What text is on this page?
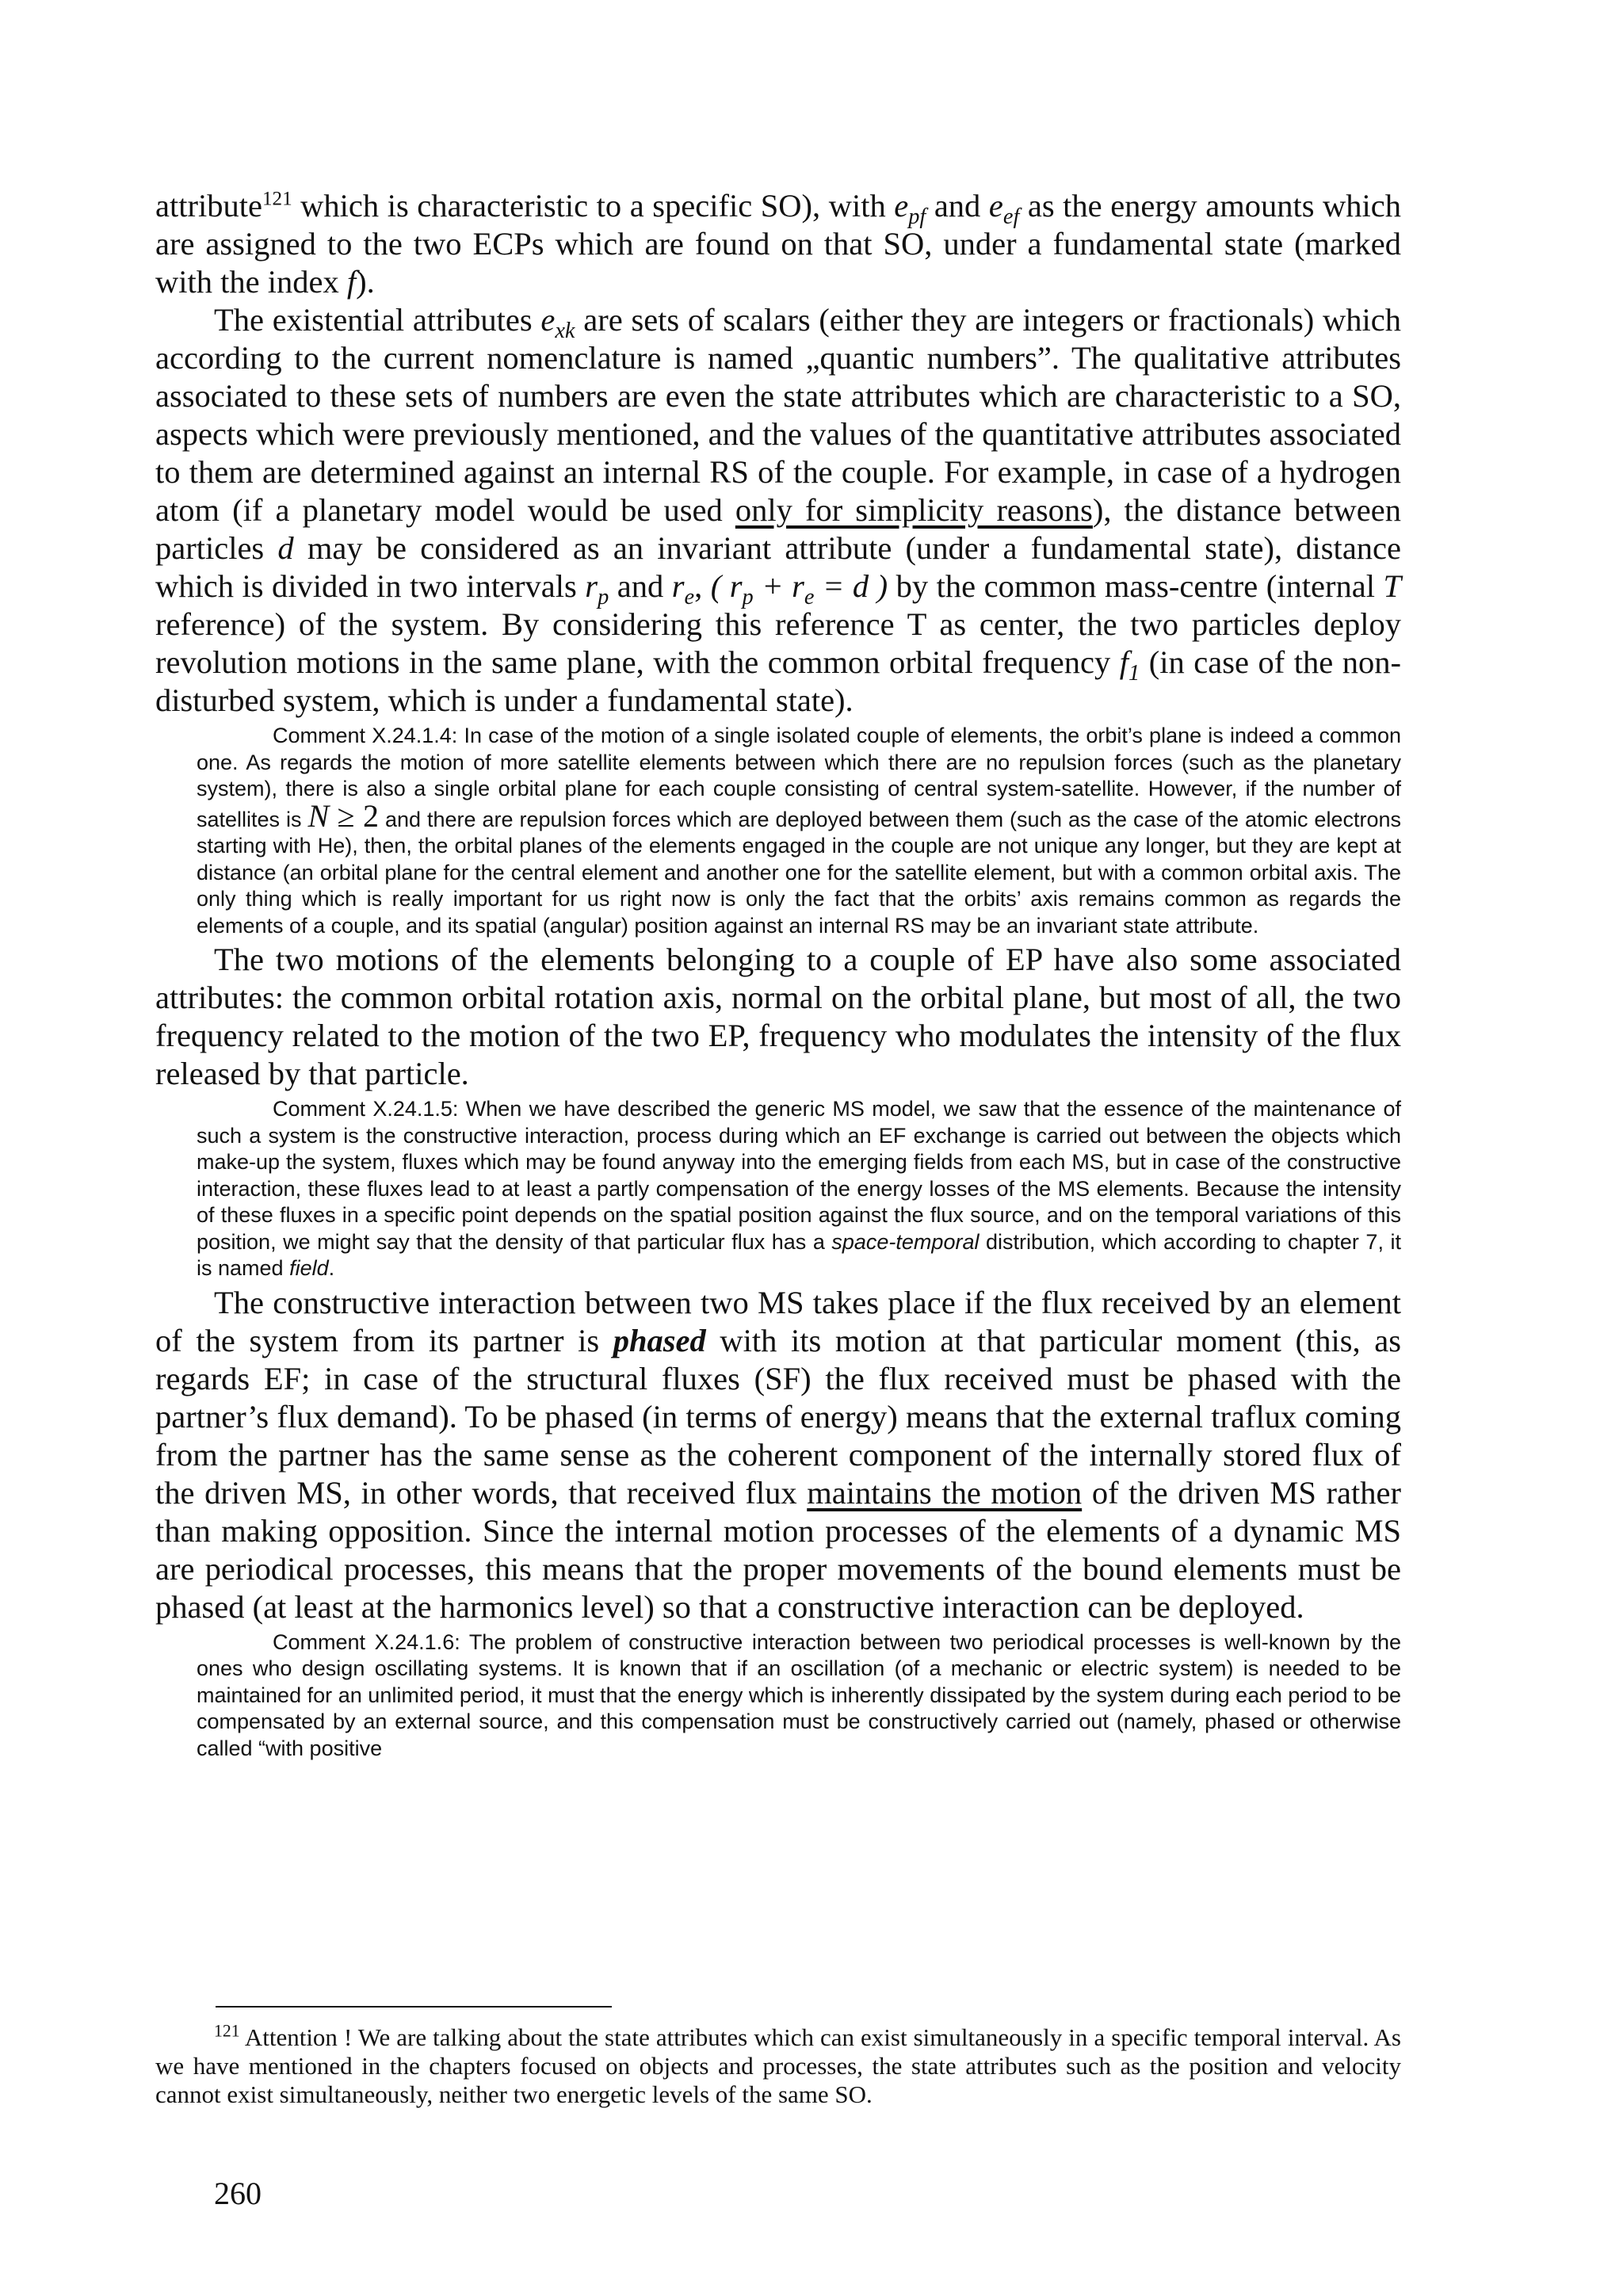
attribute$^{121}$ which is characteristic to a specific SO), with $e_{pf}$ and $e_{ef}$ as the energy amounts which are assigned to the two ECPs which are found on that SO, under a fundamental state (marked with the index f).

The existential attributes $e_{xk}$ are sets of scalars (either they are integers or fractionals) which according to the current nomenclature is named „quantic numbers”. The qualitative attributes associated to these sets of numbers are even the state attributes which are characteristic to a SO, aspects which were previously mentioned, and the values of the quantitative attributes associated to them are determined against an internal RS of the couple. For example, in case of a hydrogen atom (if a planetary model would be used only for simplicity reasons), the distance between particles d may be considered as an invariant attribute (under a fundamental state), distance which is divided in two intervals $r_p$ and $r_e$, ( $r_p + r_e = d$ ) by the common mass-centre (internal T reference) of the system. By considering this reference T as center, the two particles deploy revolution motions in the same plane, with the common orbital frequency $f_1$ (in case of the non-disturbed system, which is under a fundamental state).

Comment X.24.1.4: In case of the motion of a single isolated couple of elements, the orbit’s plane is indeed a common one. As regards the motion of more satellite elements between which there are no repulsion forces (such as the planetary system), there is also a single orbital plane for each couple consisting of central system-satellite. However, if the number of satellites is N ≥ 2 and there are repulsion forces which are deployed between them (such as the case of the atomic electrons starting with He), then, the orbital planes of the elements engaged in the couple are not unique any longer, but they are kept at distance (an orbital plane for the central element and another one for the satellite element, but with a common orbital axis. The only thing which is really important for us right now is only the fact that the orbits’ axis remains common as regards the elements of a couple, and its spatial (angular) position against an internal RS may be an invariant state attribute.

The two motions of the elements belonging to a couple of EP have also some associated attributes: the common orbital rotation axis, normal on the orbital plane, but most of all, the two frequency related to the motion of the two EP, frequency who modulates the intensity of the flux released by that particle.

Comment X.24.1.5: When we have described the generic MS model, we saw that the essence of the maintenance of such a system is the constructive interaction, process during which an EF exchange is carried out between the objects which make-up the system, fluxes which may be found anyway into the emerging fields from each MS, but in case of the constructive interaction, these fluxes lead to at least a partly compensation of the energy losses of the MS elements. Because the intensity of these fluxes in a specific point depends on the spatial position against the flux source, and on the temporal variations of this position, we might say that the density of that particular flux has a space-temporal distribution, which according to chapter 7, it is named field.

The constructive interaction between two MS takes place if the flux received by an element of the system from its partner is phased with its motion at that particular moment (this, as regards EF; in case of the structural fluxes (SF) the flux received must be phased with the partner’s flux demand). To be phased (in terms of energy) means that the external traflux coming from the partner has the same sense as the coherent component of the internally stored flux of the driven MS, in other words, that received flux maintains the motion of the driven MS rather than making opposition. Since the internal motion processes of the elements of a dynamic MS are periodical processes, this means that the proper movements of the bound elements must be phased (at least at the harmonics level) so that a constructive interaction can be deployed.

Comment X.24.1.6: The problem of constructive interaction between two periodical processes is well-known by the ones who design oscillating systems. It is known that if an oscillation (of a mechanic or electric system) is needed to be maintained for an unlimited period, it must that the energy which is inherently dissipated by the system during each period to be compensated by an external source, and this compensation must be constructively carried out (namely, phased or otherwise called “with positive

$^{121}$ Attention ! We are talking about the state attributes which can exist simultaneously in a specific temporal interval. As we have mentioned in the chapters focused on objects and processes, the state attributes such as the position and velocity cannot exist simultaneously, neither two energetic levels of the same SO.

260
